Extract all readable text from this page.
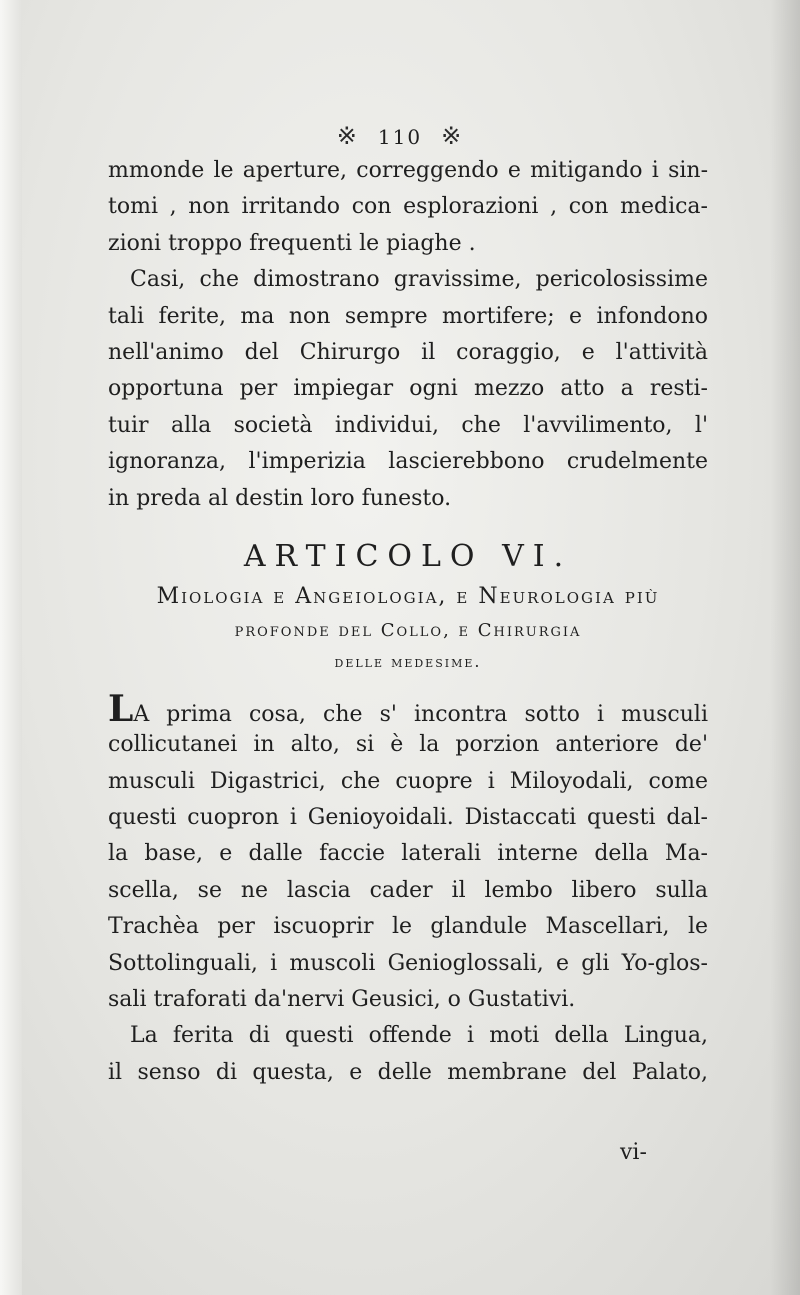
※ 110 ※
mmonde le aperture, correggendo e mitigando i sin-
tomi , non irritando con esplorazioni , con medica-
zioni troppo frequenti le piaghe .
Casi, che dimostrano gravissime, pericolosissime
tali ferite, ma non sempre mortifere; e infondono
nell'animo del Chirurgo il coraggio, e l'attività
opportuna per impiegar ogni mezzo atto a resti-
tuir alla società individui, che l'avvilimento, l'
ignoranza, l'imperizia lascierebbono crudelmente
in preda al destin loro funesto.
ARTICOLO VI.
Miologia e Angeiologia, e Neurologia più
profonde del Collo, e Chirurgia
delle medesime.
LA prima cosa, che s' incontra sotto i musculi
collicutanei in alto, si è la porzion anteriore de'
musculi Digastrici, che cuopre i Miloyodali, come
questi cuopron i Genioyoidali. Distaccati questi dal-
la base, e dalle faccie laterali interne della Ma-
scella, se ne lascia cader il lembo libero sulla
Trachèa per iscuoprir le glandule Mascellari, le
Sottolinguali, i muscoli Genioglossali, e gli Yo-glos-
sali traforati da'nervi Geusici, o Gustativi.
La ferita di questi offende i moti della Lingua,
il senso di questa, e delle membrane del Palato,
vi-
